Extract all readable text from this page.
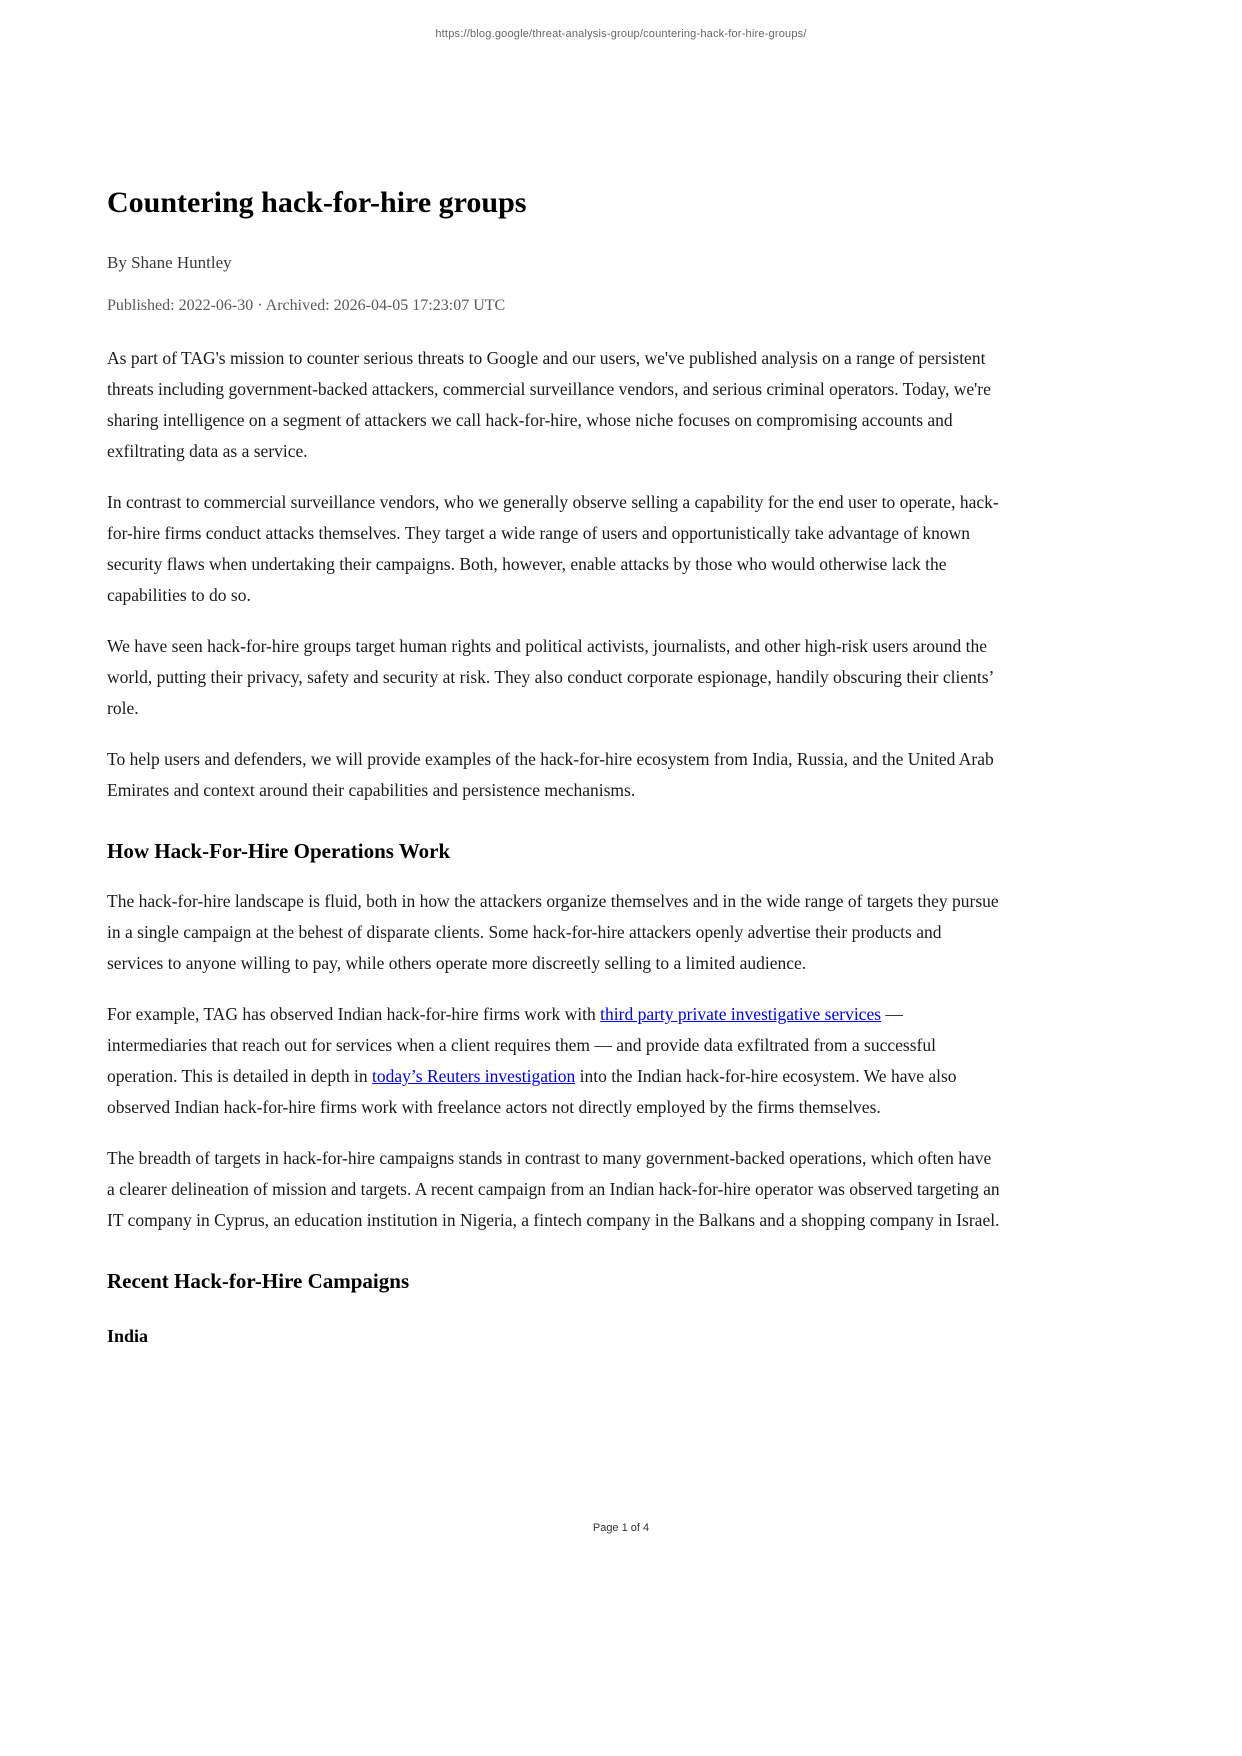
https://blog.google/threat-analysis-group/countering-hack-for-hire-groups/
Countering hack-for-hire groups
By Shane Huntley
Published: 2022-06-30 · Archived: 2026-04-05 17:23:07 UTC

As part of TAG's mission to counter serious threats to Google and our users, we've published analysis on a range of persistent threats including government-backed attackers, commercial surveillance vendors, and serious criminal operators. Today, we're sharing intelligence on a segment of attackers we call hack-for-hire, whose niche focuses on compromising accounts and exfiltrating data as a service.

In contrast to commercial surveillance vendors, who we generally observe selling a capability for the end user to operate, hack-for-hire firms conduct attacks themselves. They target a wide range of users and opportunistically take advantage of known security flaws when undertaking their campaigns. Both, however, enable attacks by those who would otherwise lack the capabilities to do so.

We have seen hack-for-hire groups target human rights and political activists, journalists, and other high-risk users around the world, putting their privacy, safety and security at risk. They also conduct corporate espionage, handily obscuring their clients’ role.

To help users and defenders, we will provide examples of the hack-for-hire ecosystem from India, Russia, and the United Arab Emirates and context around their capabilities and persistence mechanisms.

How Hack-For-Hire Operations Work

The hack-for-hire landscape is fluid, both in how the attackers organize themselves and in the wide range of targets they pursue in a single campaign at the behest of disparate clients. Some hack-for-hire attackers openly advertise their products and services to anyone willing to pay, while others operate more discreetly selling to a limited audience.

For example, TAG has observed Indian hack-for-hire firms work with third party private investigative services — intermediaries that reach out for services when a client requires them — and provide data exfiltrated from a successful operation. This is detailed in depth in today’s Reuters investigation into the Indian hack-for-hire ecosystem. We have also observed Indian hack-for-hire firms work with freelance actors not directly employed by the firms themselves.

The breadth of targets in hack-for-hire campaigns stands in contrast to many government-backed operations, which often have a clearer delineation of mission and targets. A recent campaign from an Indian hack-for-hire operator was observed targeting an IT company in Cyprus, an education institution in Nigeria, a fintech company in the Balkans and a shopping company in Israel.

Recent Hack-for-Hire Campaigns
India
Page 1 of 4
